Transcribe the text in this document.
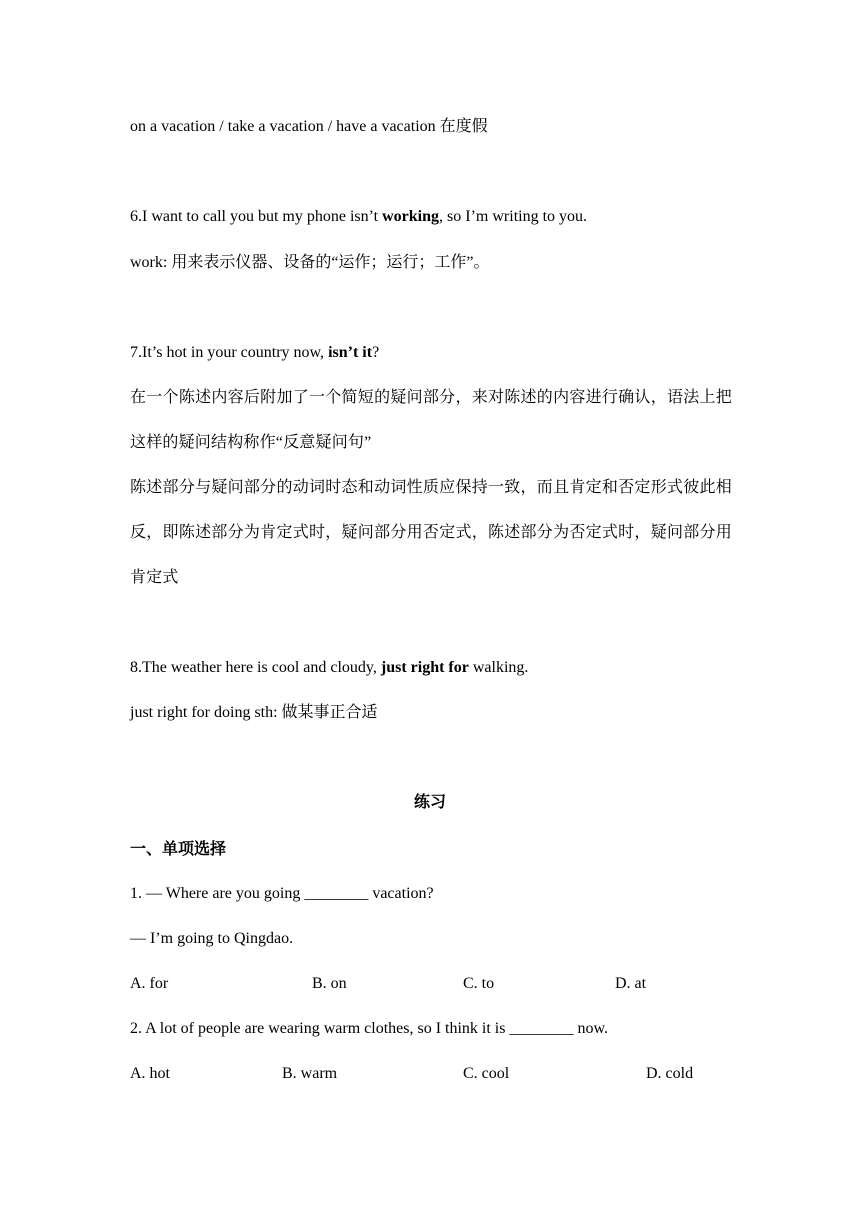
on a vacation / take a vacation / have a vacation 在度假
6.I want to call you but my phone isn’t working, so I’m writing to you.
work: 用来表示仪器、设备的“运作；运行；工作”。
7.It’s hot in your country now, isn’t it?
在一个陈述内容后附加了一个简短的疑问部分，来对陈述的内容进行确认，语法上把这样的疑问结构称作“反意疑问句”
陈述部分与疑问部分的动词时态和动词性质应保持一致，而且肯定和否定形式彼此相反，即陈述部分为肯定式时，疑问部分用否定式，陈述部分为否定式时，疑问部分用肯定式
8.The weather here is cool and cloudy, just right for walking.
just right for doing sth: 做某事正合适
练习
一、单项选择
1. — Where are you going ________ vacation?
— I’m going to Qingdao.
A. for	B. on	C. to	D. at
2. A lot of people are wearing warm clothes, so I think it is ________ now.
A. hot	B. warm	C. cool	D. cold
